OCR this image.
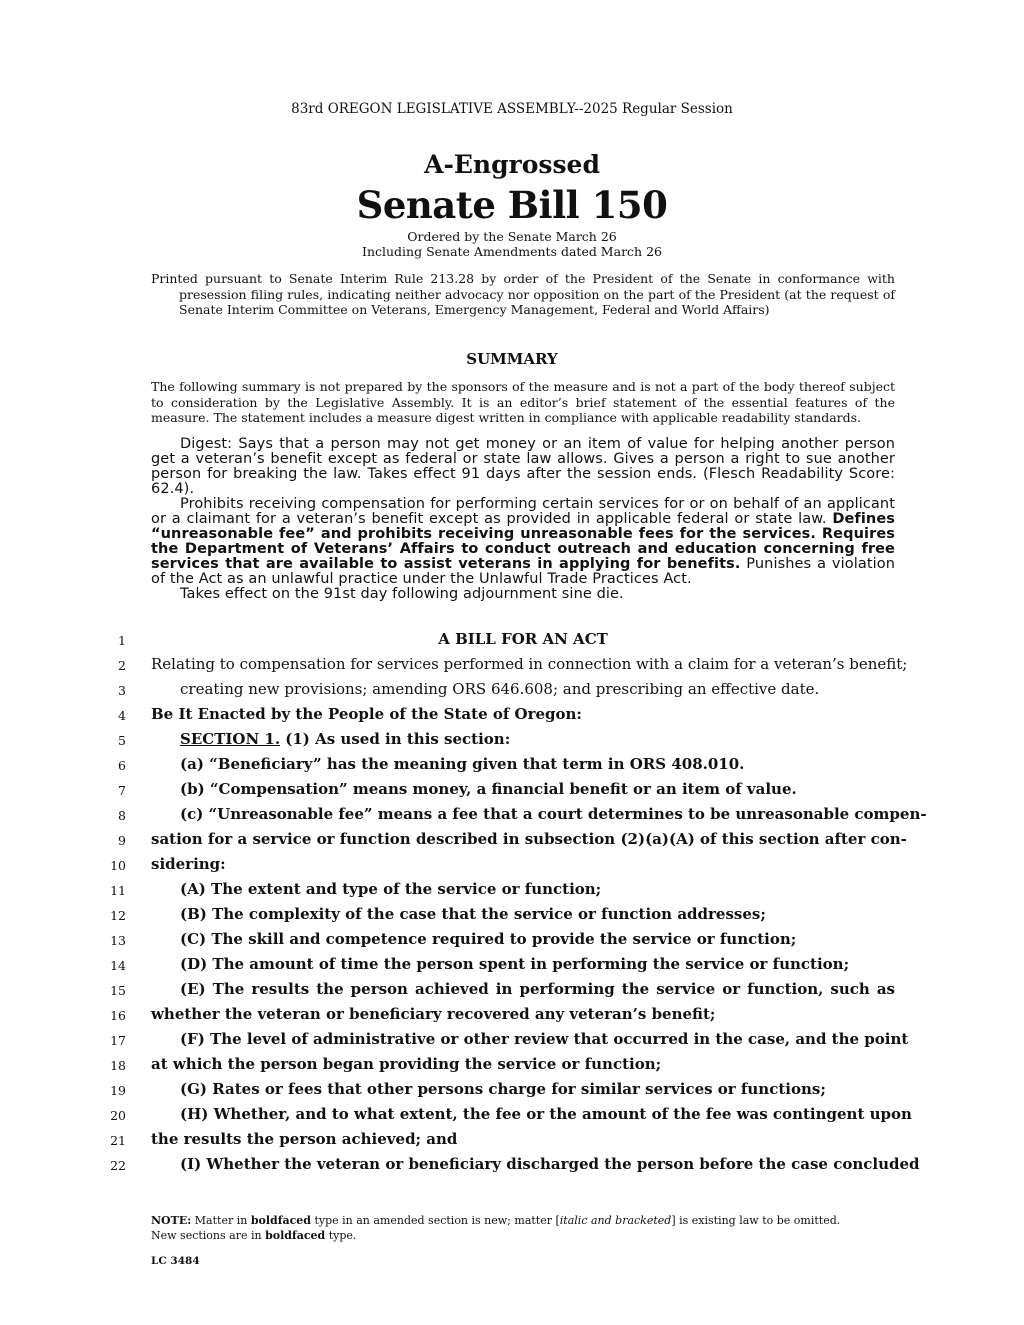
83rd OREGON LEGISLATIVE ASSEMBLY--2025 Regular Session
A-Engrossed
Senate Bill 150
Ordered by the Senate March 26
Including Senate Amendments dated March 26
Printed pursuant to Senate Interim Rule 213.28 by order of the President of the Senate in conformance with presession filing rules, indicating neither advocacy nor opposition on the part of the President (at the request of Senate Interim Committee on Veterans, Emergency Management, Federal and World Affairs)
SUMMARY
The following summary is not prepared by the sponsors of the measure and is not a part of the body thereof subject to consideration by the Legislative Assembly. It is an editor’s brief statement of the essential features of the measure. The statement includes a measure digest written in compliance with applicable readability standards.

Digest: Says that a person may not get money or an item of value for helping another person get a veteran’s benefit except as federal or state law allows. Gives a person a right to sue another person for breaking the law. Takes effect 91 days after the session ends. (Flesch Readability Score: 62.4).

Prohibits receiving compensation for performing certain services for or on behalf of an applicant or a claimant for a veteran’s benefit except as provided in applicable federal or state law. Defines “unreasonable fee” and prohibits receiving unreasonable fees for the services. Requires the Department of Veterans’ Affairs to conduct outreach and education concerning free services that are available to assist veterans in applying for benefits. Punishes a violation of the Act as an unlawful practice under the Unlawful Trade Practices Act.

Takes effect on the 91st day following adjournment sine die.

1	A BILL FOR AN ACT
2 Relating to compensation for services performed in connection with a claim for a veteran’s benefit;
3	creating new provisions; amending ORS 646.608; and prescribing an effective date.
4 Be It Enacted by the People of the State of Oregon:
5	SECTION 1. (1) As used in this section:
6	(a) “Beneficiary” has the meaning given that term in ORS 408.010.
7	(b) “Compensation” means money, a financial benefit or an item of value.
8	(c) “Unreasonable fee” means a fee that a court determines to be unreasonable compen-
9 sation for a service or function described in subsection (2)(a)(A) of this section after con-
10 sidering:
11	(A) The extent and type of the service or function;
12	(B) The complexity of the case that the service or function addresses;
13	(C) The skill and competence required to provide the service or function;
14	(D) The amount of time the person spent in performing the service or function;
15	(E) The results the person achieved in performing the service or function, such as
16 whether the veteran or beneficiary recovered any veteran’s benefit;
17	(F) The level of administrative or other review that occurred in the case, and the point
18 at which the person began providing the service or function;
19	(G) Rates or fees that other persons charge for similar services or functions;
20	(H) Whether, and to what extent, the fee or the amount of the fee was contingent upon
21 the results the person achieved; and
22	(I) Whether the veteran or beneficiary discharged the person before the case concluded
NOTE: Matter in boldfaced type in an amended section is new; matter [italic and bracketed] is existing law to be omitted.
New sections are in boldfaced type.
LC 3484
